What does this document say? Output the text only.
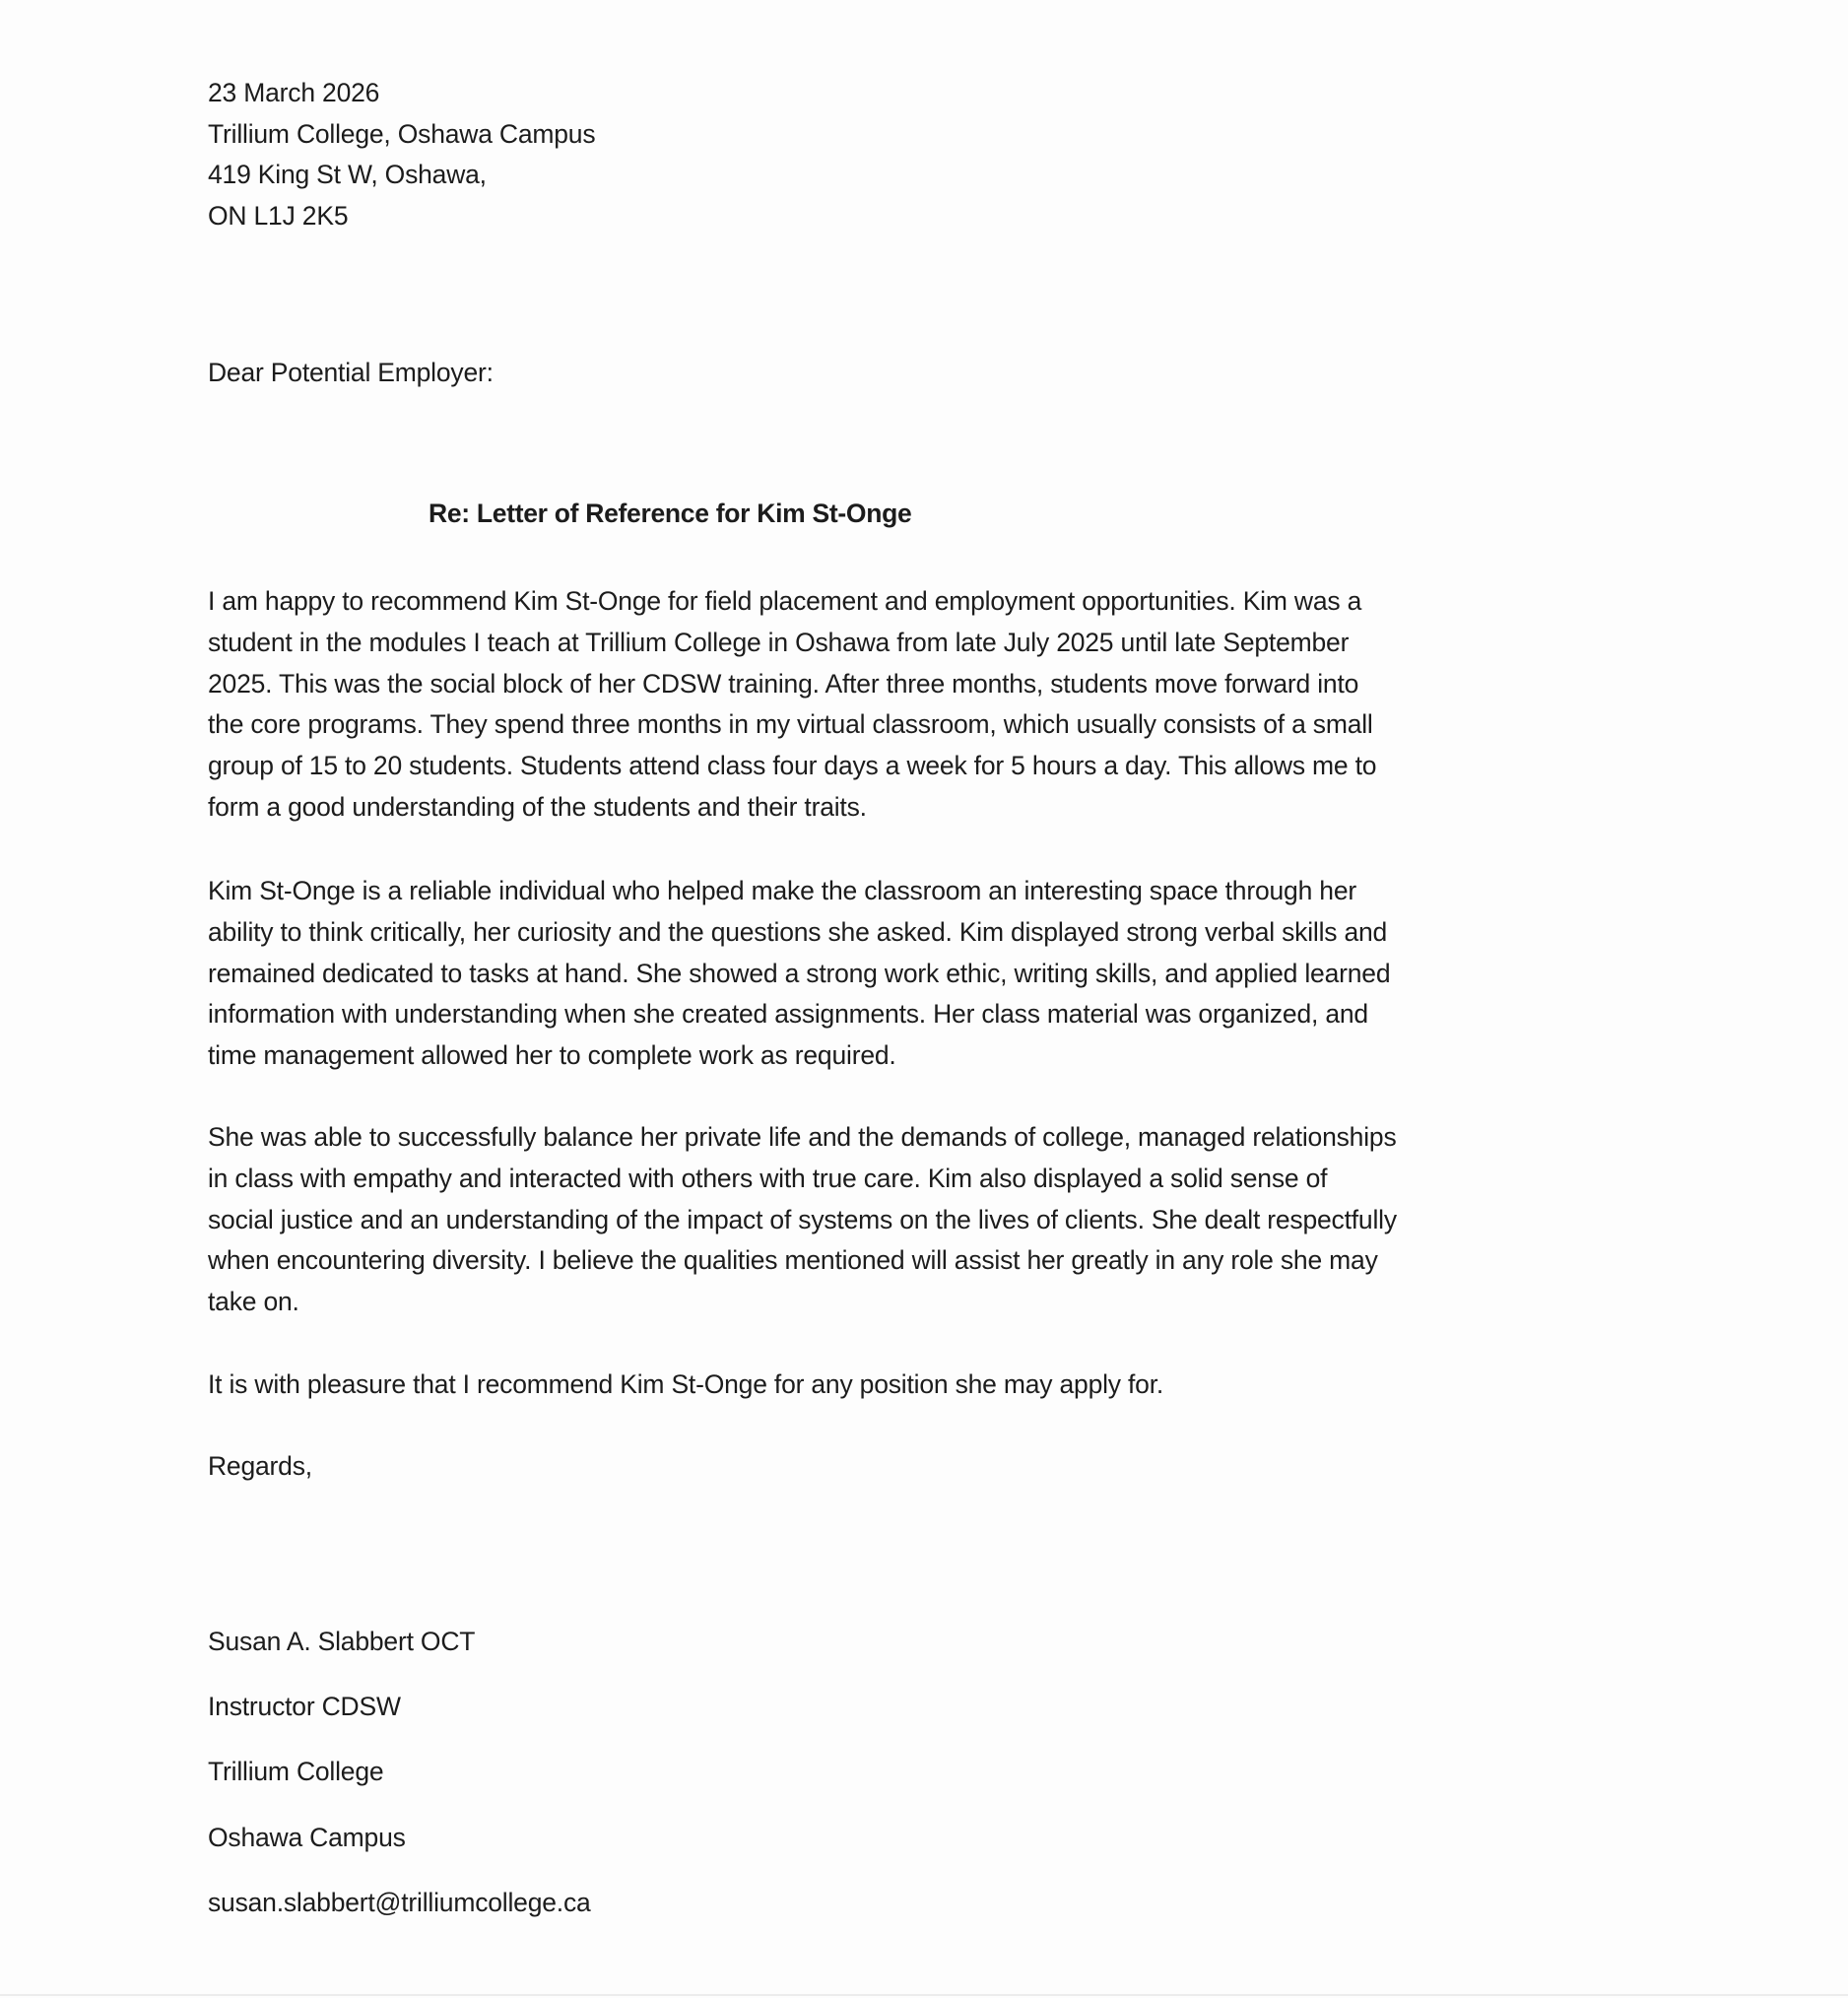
23 March 2026
Trillium College, Oshawa Campus
419 King St W, Oshawa,
ON L1J 2K5
Dear Potential Employer:
Re: Letter of Reference for Kim St-Onge
I am happy to recommend Kim St-Onge for field placement and employment opportunities. Kim was a
student in the modules I teach at Trillium College in Oshawa from late July 2025 until late September
2025. This was the social block of her CDSW training. After three months, students move forward into
the core programs. They spend three months in my virtual classroom, which usually consists of a small
group of 15 to 20 students. Students attend class four days a week for 5 hours a day. This allows me to
form a good understanding of the students and their traits.
Kim St-Onge is a reliable individual who helped make the classroom an interesting space through her
ability to think critically, her curiosity and the questions she asked. Kim displayed strong verbal skills and
remained dedicated to tasks at hand. She showed a strong work ethic, writing skills, and applied learned
information with understanding when she created assignments. Her class material was organized, and
time management allowed her to complete work as required.
She was able to successfully balance her private life and the demands of college, managed relationships
in class with empathy and interacted with others with true care. Kim also displayed a solid sense of
social justice and an understanding of the impact of systems on the lives of clients. She dealt respectfully
when encountering diversity. I believe the qualities mentioned will assist her greatly in any role she may
take on.
It is with pleasure that I recommend Kim St-Onge for any position she may apply for.
Regards,
Susan A. Slabbert OCT
Instructor CDSW
Trillium College
Oshawa Campus
susan.slabbert@trilliumcollege.ca
